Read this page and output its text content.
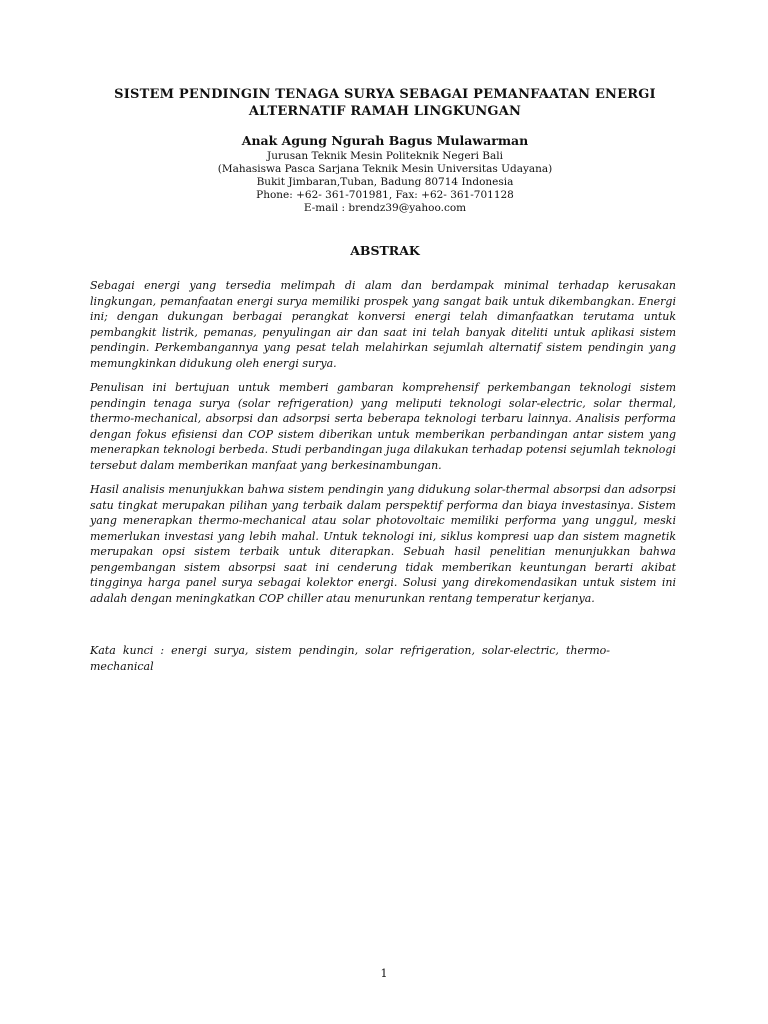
SISTEM PENDINGIN TENAGA SURYA SEBAGAI PEMANFAATAN ENERGI
ALTERNATIF RAMAH LINGKUNGAN
Anak Agung Ngurah Bagus Mulawarman
Jurusan Teknik Mesin Politeknik Negeri Bali
(Mahasiswa Pasca Sarjana Teknik Mesin Universitas Udayana)
Bukit Jimbaran,Tuban, Badung 80714 Indonesia
Phone: +62- 361-701981, Fax: +62- 361-701128
E-mail : brendz39@yahoo.com
ABSTRAK

Sebagai energi yang tersedia melimpah di alam dan berdampak minimal terhadap kerusakan lingkungan, pemanfaatan energi surya memiliki prospek yang sangat baik untuk dikembangkan. Energi ini; dengan dukungan berbagai perangkat konversi energi telah dimanfaatkan terutama untuk pembangkit listrik, pemanas, penyulingan air dan saat ini telah banyak diteliti untuk aplikasi sistem pendingin. Perkembangannya yang pesat telah melahirkan sejumlah alternatif sistem pendingin yang memungkinkan didukung oleh energi surya.

Penulisan ini bertujuan untuk memberi gambaran komprehensif perkembangan teknologi sistem pendingin tenaga surya (solar refrigeration) yang meliputi teknologi solar-electric, solar thermal, thermo-mechanical, absorpsi dan adsorpsi serta beberapa teknologi terbaru lainnya. Analisis performa dengan fokus efisiensi dan COP sistem diberikan untuk memberikan perbandingan antar sistem yang menerapkan teknologi berbeda. Studi perbandingan juga dilakukan terhadap potensi sejumlah teknologi tersebut dalam memberikan manfaat yang berkesinambungan.

Hasil analisis menunjukkan bahwa sistem pendingin yang didukung solar-thermal absorpsi dan adsorpsi satu tingkat merupakan pilihan yang terbaik dalam perspektif performa dan biaya investasinya. Sistem yang menerapkan thermo-mechanical atau solar photovoltaic memiliki performa yang unggul, meski memerlukan investasi yang lebih mahal. Untuk teknologi ini, siklus kompresi uap dan sistem magnetik merupakan opsi sistem terbaik untuk diterapkan. Sebuah hasil penelitian menunjukkan bahwa pengembangan sistem absorpsi saat ini cenderung tidak memberikan keuntungan berarti akibat tingginya harga panel surya sebagai kolektor energi. Solusi yang direkomendasikan untuk sistem ini adalah dengan meningkatkan COP chiller atau menurunkan rentang temperatur kerjanya.

Kata kunci : energi surya, sistem pendingin, solar refrigeration, solar-electric, thermo-mechanical
1
